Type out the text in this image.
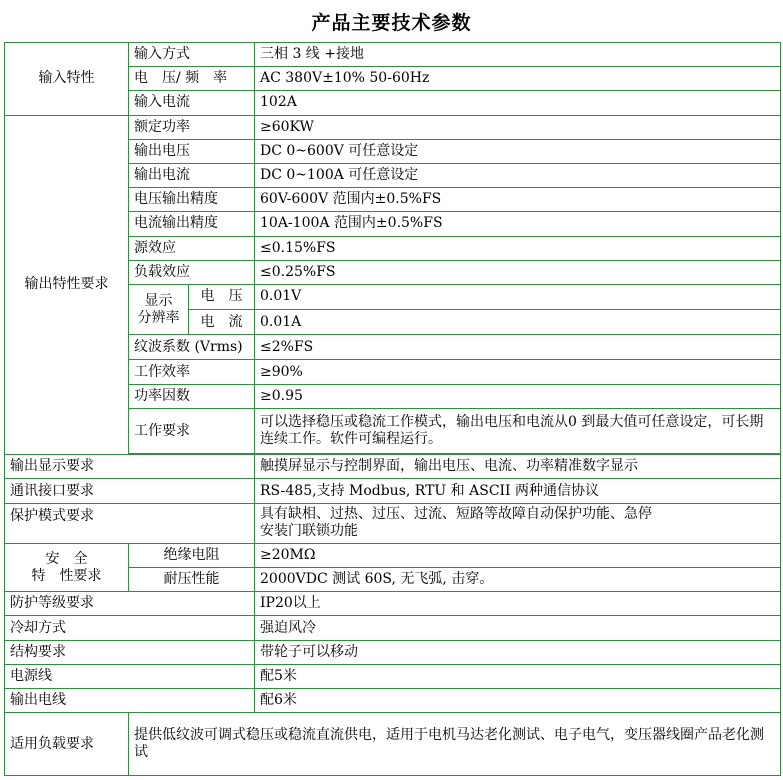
产品主要技术参数
输入特性	输入方式		三相 3 线 +接地
	电　压/ 频　率		AC 380V±10% 50-60Hz
	输入电流		102A
输出特性要求	额定功率		≥60KW
	输出电压		DC 0~600V 可任意设定
	输出电流		DC 0~100A 可任意设定
	电压输出精度		60V-600V 范围内±0.5%FS
	电流输出精度		10A-100A 范围内±0.5%FS
	源效应		≤0.15%FS
	负载效应		≤0.25%FS

	显示
分辨率	电　压	0.01V
		电　流	0.01A
	纹波系数 (Vrms)		≤2%FS
	工作效率		≥90%
	功率因数		≥0.95
	工作要求		可以选择稳压或稳流工作模式，输出电压和电流从0 到最大值可任意设定，可长期连续工作。软件可编程运行。

输出显示要求			触摸屏显示与控制界面，输出电压、电流、功率精准数字显示
通讯接口要求			RS-485,支持 Modbus, RTU 和 ASCII 两种通信协议
保护模式要求			具有缺相、过热、过压、过流、短路等故障自动保护功能、急停
安装门联锁功能

安　全
特　性要求	绝缘电阻		≥20MΩ
	耐压性能		2000VDC 测试 60S, 无飞弧, 击穿。
防护等级要求			IP20以上
冷却方式			强迫风冷
结构要求			带轮子可以移动
电源线			配5米
输出电线			配6米
适用负载要求	提供低纹波可调式稳压或稳流直流供电，适用于电机马达老化测试、电子电气，变压器线圈产品老化测试		
